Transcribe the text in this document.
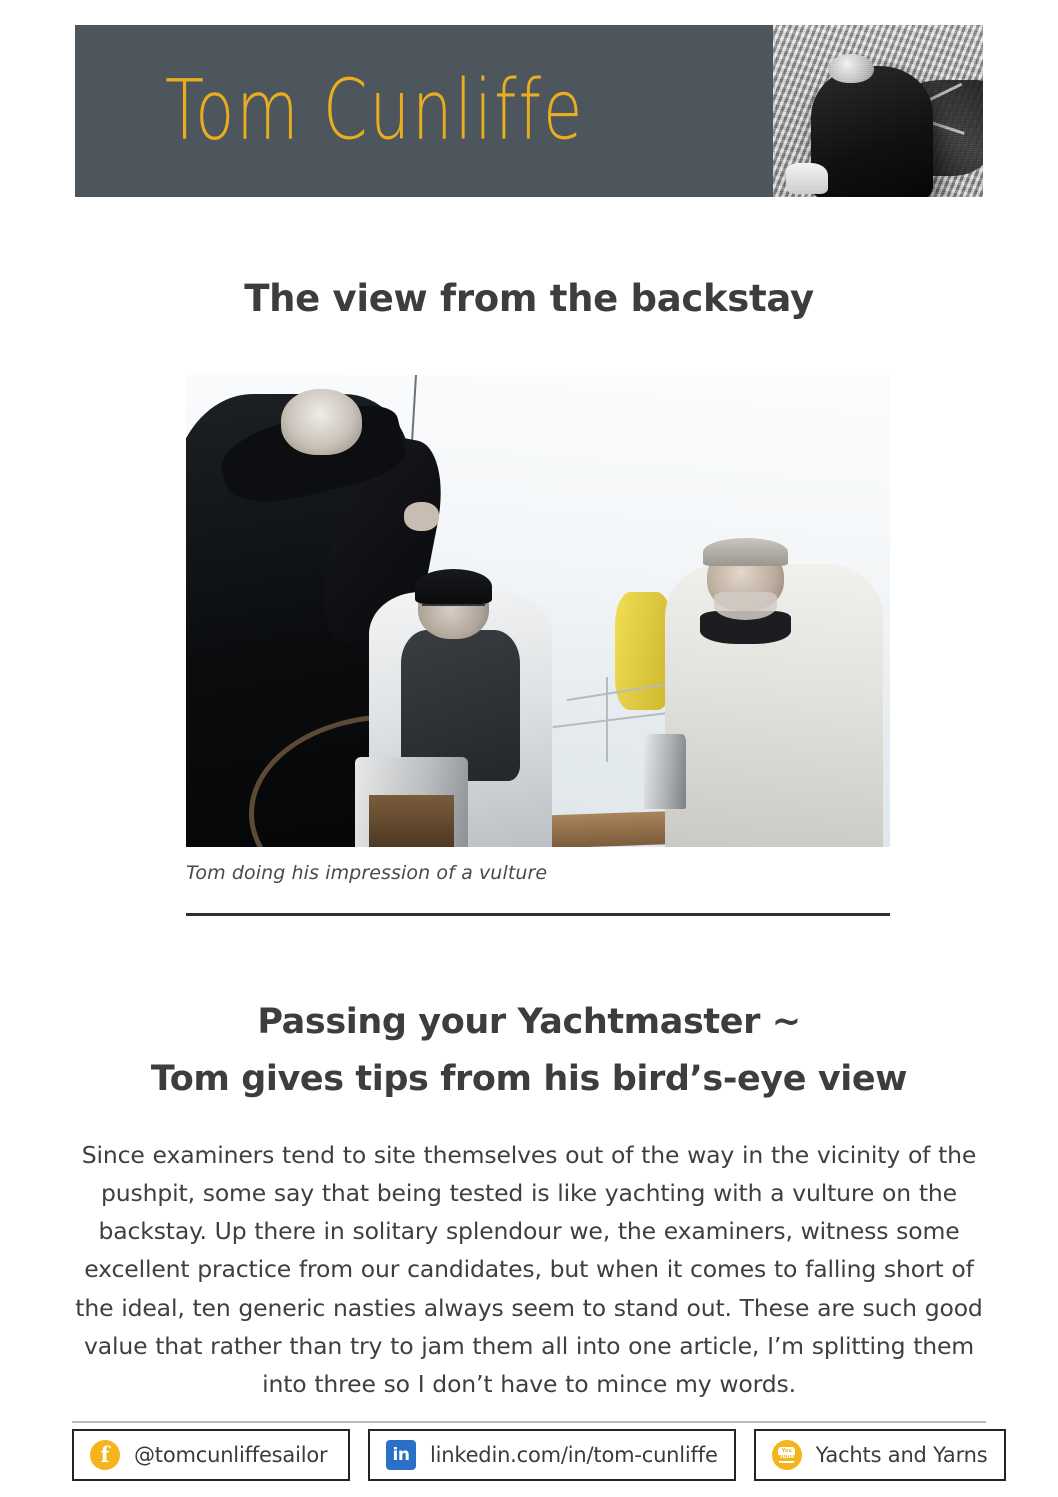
Tom Cunliffe
The view from the backstay
Tom doing his impression of a vulture
Passing your Yachtmaster ~
Tom gives tips from his bird’s-eye view

Since examiners tend to site themselves out of the way in the vicinity of the pushpit, some say that being tested is like yachting with a vulture on the backstay. Up there in solitary splendour we, the examiners, witness some excellent practice from our candidates, but when it comes to falling short of the ideal, ten generic nasties always seem to stand out. These are such good value that rather than try to jam them all into one article, I’m splitting them into three so I don’t have to mince my words.

f @tomcunliffesailor	in linkedin.com/in/tom-cunliffe	You
Tube Yachts and Yarns
